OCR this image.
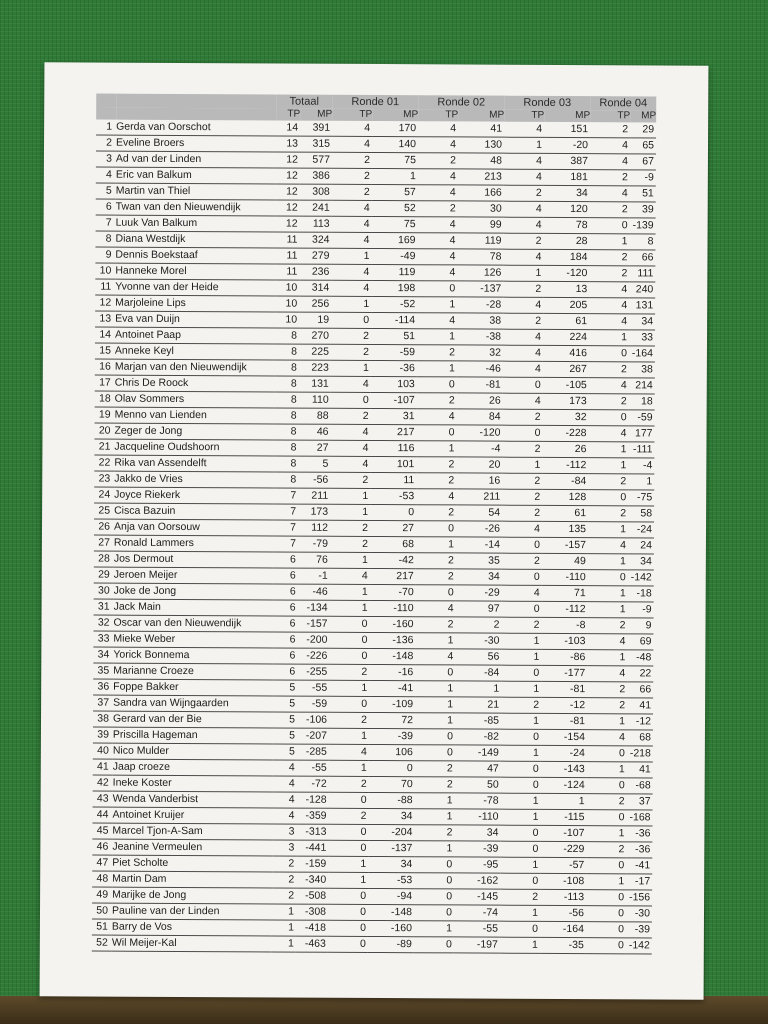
		Totaal		Ronde 01		Ronde 02		Ronde 03		Ronde 04	
		TP	MP	TP	MP	TP	MP	TP	MP	TP	MP
1	Gerda van Oorschot	14	391	4	170	4	41	4	151	2	29
2	Eveline Broers	13	315	4	140	4	130	1	-20	4	65
3	Ad van der Linden	12	577	2	75	2	48	4	387	4	67
4	Eric van Balkum	12	386	2	1	4	213	4	181	2	-9
5	Martin van Thiel	12	308	2	57	4	166	2	34	4	51
6	Twan van den Nieuwendijk	12	241	4	52	2	30	4	120	2	39
7	Luuk Van Balkum	12	113	4	75	4	99	4	78	0	-139
8	Diana Westdijk	11	324	4	169	4	119	2	28	1	8
9	Dennis Boekstaaf	11	279	1	-49	4	78	4	184	2	66
10	Hanneke Morel	11	236	4	119	4	126	1	-120	2	111
11	Yvonne van der Heide	10	314	4	198	0	-137	2	13	4	240
12	Marjoleine Lips	10	256	1	-52	1	-28	4	205	4	131
13	Eva van Duijn	10	19	0	-114	4	38	2	61	4	34
14	Antoinet Paap	8	270	2	51	1	-38	4	224	1	33
15	Anneke Keyl	8	225	2	-59	2	32	4	416	0	-164
16	Marjan van den Nieuwendijk	8	223	1	-36	1	-46	4	267	2	38
17	Chris De Roock	8	131	4	103	0	-81	0	-105	4	214
18	Olav Sommers	8	110	0	-107	2	26	4	173	2	18
19	Menno van Lienden	8	88	2	31	4	84	2	32	0	-59
20	Zeger de Jong	8	46	4	217	0	-120	0	-228	4	177
21	Jacqueline Oudshoorn	8	27	4	116	1	-4	2	26	1	-111
22	Rika van Assendelft	8	5	4	101	2	20	1	-112	1	-4
23	Jakko de Vries	8	-56	2	11	2	16	2	-84	2	1
24	Joyce Riekerk	7	211	1	-53	4	211	2	128	0	-75
25	Cisca Bazuin	7	173	1	0	2	54	2	61	2	58
26	Anja van Oorsouw	7	112	2	27	0	-26	4	135	1	-24
27	Ronald Lammers	7	-79	2	68	1	-14	0	-157	4	24
28	Jos Dermout	6	76	1	-42	2	35	2	49	1	34
29	Jeroen Meijer	6	-1	4	217	2	34	0	-110	0	-142
30	Joke de Jong	6	-46	1	-70	0	-29	4	71	1	-18
31	Jack Main	6	-134	1	-110	4	97	0	-112	1	-9
32	Oscar van den Nieuwendijk	6	-157	0	-160	2	2	2	-8	2	9
33	Mieke Weber	6	-200	0	-136	1	-30	1	-103	4	69
34	Yorick Bonnema	6	-226	0	-148	4	56	1	-86	1	-48
35	Marianne Croeze	6	-255	2	-16	0	-84	0	-177	4	22
36	Foppe Bakker	5	-55	1	-41	1	1	1	-81	2	66
37	Sandra van Wijngaarden	5	-59	0	-109	1	21	2	-12	2	41
38	Gerard van der Bie	5	-106	2	72	1	-85	1	-81	1	-12
39	Priscilla Hageman	5	-207	1	-39	0	-82	0	-154	4	68
40	Nico Mulder	5	-285	4	106	0	-149	1	-24	0	-218
41	Jaap croeze	4	-55	1	0	2	47	0	-143	1	41
42	Ineke Koster	4	-72	2	70	2	50	0	-124	0	-68
43	Wenda Vanderbist	4	-128	0	-88	1	-78	1	1	2	37
44	Antoinet Kruijer	4	-359	2	34	1	-110	1	-115	0	-168
45	Marcel Tjon-A-Sam	3	-313	0	-204	2	34	0	-107	1	-36
46	Jeanine Vermeulen	3	-441	0	-137	1	-39	0	-229	2	-36
47	Piet Scholte	2	-159	1	34	0	-95	1	-57	0	-41
48	Martin Dam	2	-340	1	-53	0	-162	0	-108	1	-17
49	Marijke de Jong	2	-508	0	-94	0	-145	2	-113	0	-156
50	Pauline van der Linden	1	-308	0	-148	0	-74	1	-56	0	-30
51	Barry de Vos	1	-418	0	-160	1	-55	0	-164	0	-39
52	Wil Meijer-Kal	1	-463	0	-89	0	-197	1	-35	0	-142
